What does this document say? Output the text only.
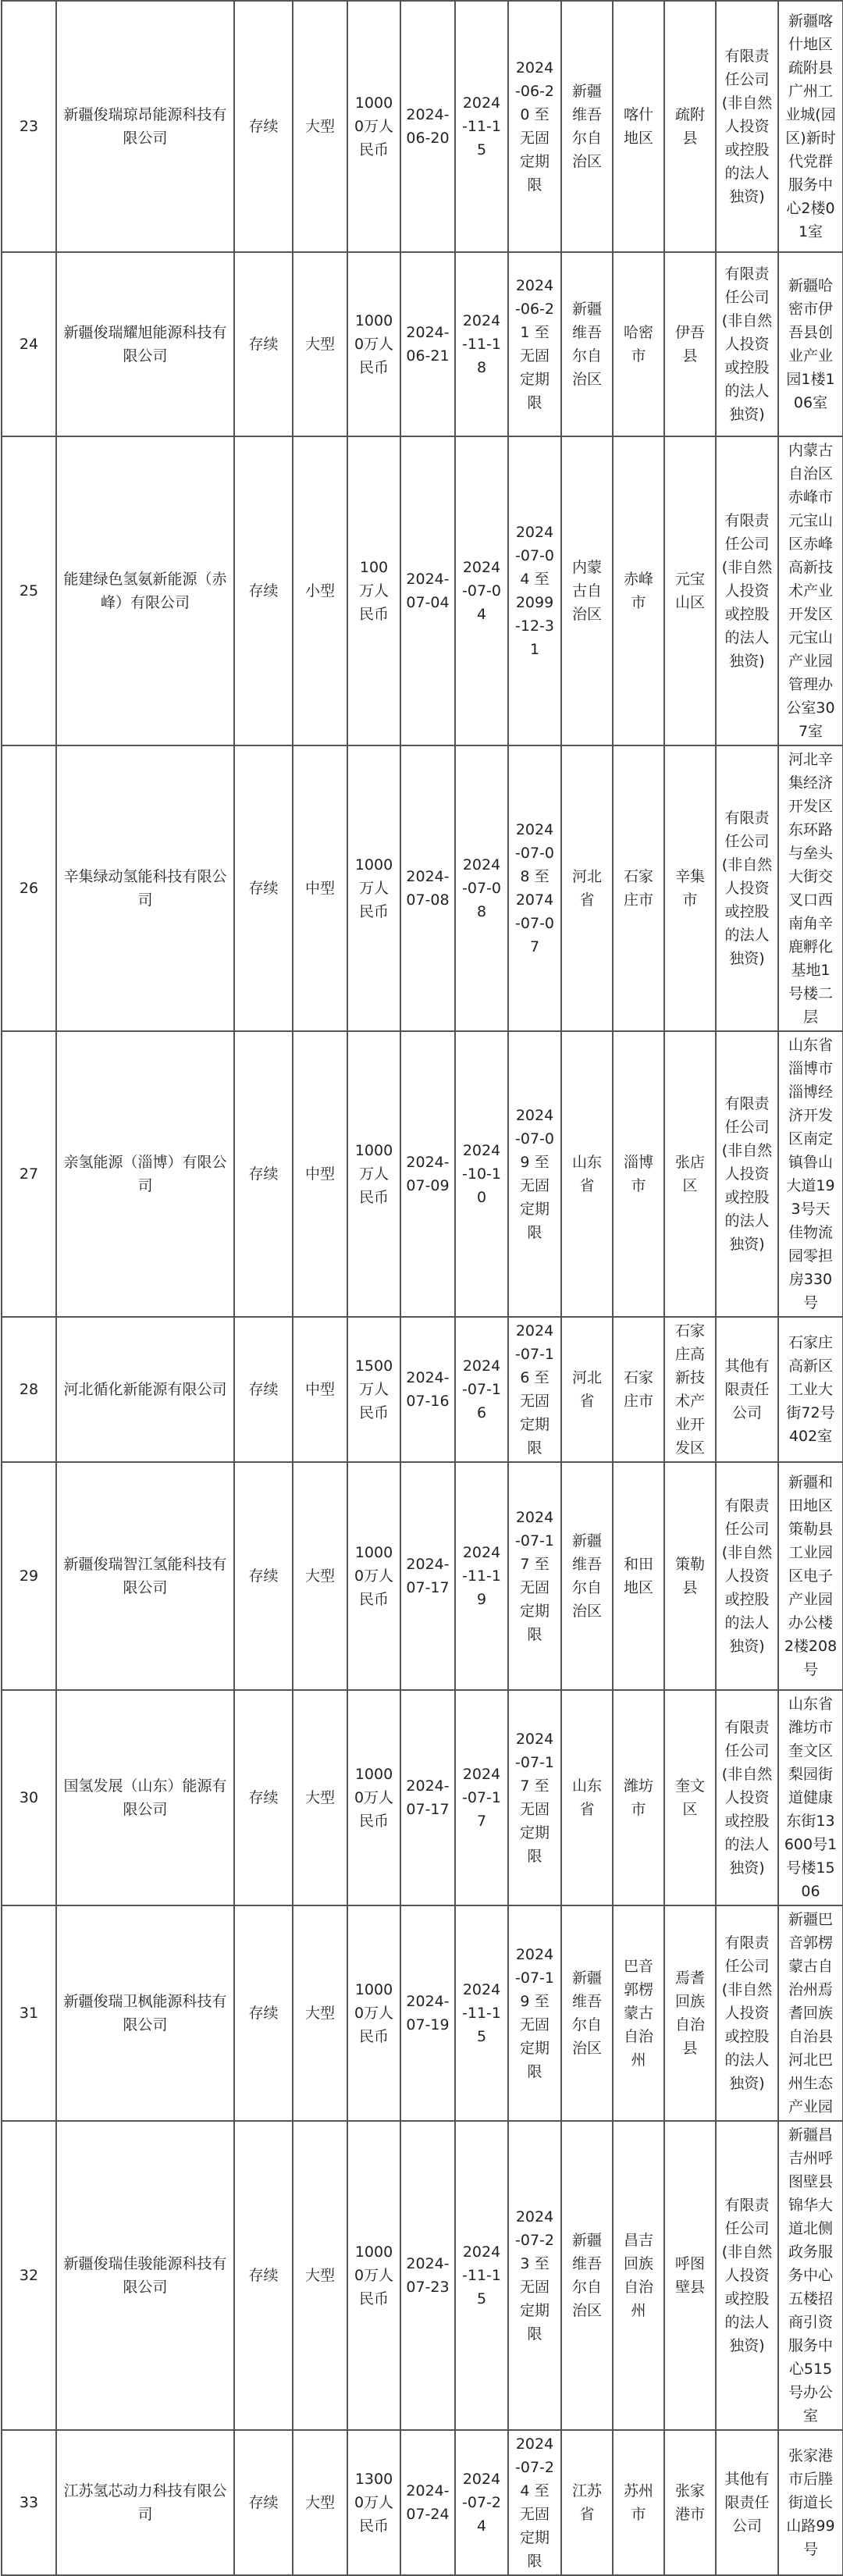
23	新疆俊瑞琼昂能源科技有限公司	存续	大型	10000万人民币	2024-06-20	2024-11-15	2024-06-20 至 无固定期限	新疆维吾尔自治区	喀什地区	疏附县	有限责任公司(非自然人投资或控股的法人独资)	新疆喀什地区疏附县广州工业城(园区)新时代党群服务中心2楼01室
24	新疆俊瑞耀旭能源科技有限公司	存续	大型	10000万人民币	2024-06-21	2024-11-18	2024-06-21 至 无固定期限	新疆维吾尔自治区	哈密市	伊吾县	有限责任公司(非自然人投资或控股的法人独资)	新疆哈密市伊吾县创业产业园1楼106室
25	能建绿色氢氨新能源（赤峰）有限公司	存续	小型	100万人民币	2024-07-04	2024-07-04	2024-07-04 至 2099-12-31	内蒙古自治区	赤峰市	元宝山区	有限责任公司(非自然人投资或控股的法人独资)	内蒙古自治区赤峰市元宝山区赤峰高新技术产业开发区元宝山产业园管理办公室307室
26	辛集绿动氢能科技有限公司	存续	中型	1000万人民币	2024-07-08	2024-07-08	2024-07-08 至 2074-07-07	河北省	石家庄市	辛集市	有限责任公司(非自然人投资或控股的法人独资)	河北辛集经济开发区东环路与垒头大街交叉口西南角辛鹿孵化基地1号楼二层
27	亲氢能源（淄博）有限公司	存续	中型	1000万人民币	2024-07-09	2024-10-10	2024-07-09 至 无固定期限	山东省	淄博市	张店区	有限责任公司(非自然人投资或控股的法人独资)	山东省淄博市淄博经济开发区南定镇鲁山大道193号天佳物流园零担房330号
28	河北循化新能源有限公司	存续	中型	1500万人民币	2024-07-16	2024-07-16	2024-07-16 至 无固定期限	河北省	石家庄市	石家庄高新技术产业开发区	其他有限责任公司	石家庄高新区工业大街72号402室
29	新疆俊瑞智江氢能科技有限公司	存续	大型	10000万人民币	2024-07-17	2024-11-19	2024-07-17 至 无固定期限	新疆维吾尔自治区	和田地区	策勒县	有限责任公司(非自然人投资或控股的法人独资)	新疆和田地区策勒县工业园区电子产业园办公楼2楼208号
30	国氢发展（山东）能源有限公司	存续	大型	10000万人民币	2024-07-17	2024-07-17	2024-07-17 至 无固定期限	山东省	潍坊市	奎文区	有限责任公司(非自然人投资或控股的法人独资)	山东省潍坊市奎文区梨园街道健康东街13600号1号楼1506
31	新疆俊瑞卫枫能源科技有限公司	存续	大型	10000万人民币	2024-07-19	2024-11-15	2024-07-19 至 无固定期限	新疆维吾尔自治区	巴音郭楞蒙古自治州	焉耆回族自治县	有限责任公司(非自然人投资或控股的法人独资)	新疆巴音郭楞蒙古自治州焉耆回族自治县河北巴州生态产业园
32	新疆俊瑞佳骏能源科技有限公司	存续	大型	10000万人民币	2024-07-23	2024-11-15	2024-07-23 至 无固定期限	新疆维吾尔自治区	昌吉回族自治州	呼图壁县	有限责任公司(非自然人投资或控股的法人独资)	新疆昌吉州呼图壁县锦华大道北侧政务服务中心五楼招商引资服务中心515号办公室
33	江苏氢芯动力科技有限公司	存续	大型	13000万人民币	2024-07-24	2024-07-24	2024-07-24 至 无固定期限	江苏省	苏州市	张家港市	其他有限责任公司	张家港市后塍街道长山路99号
